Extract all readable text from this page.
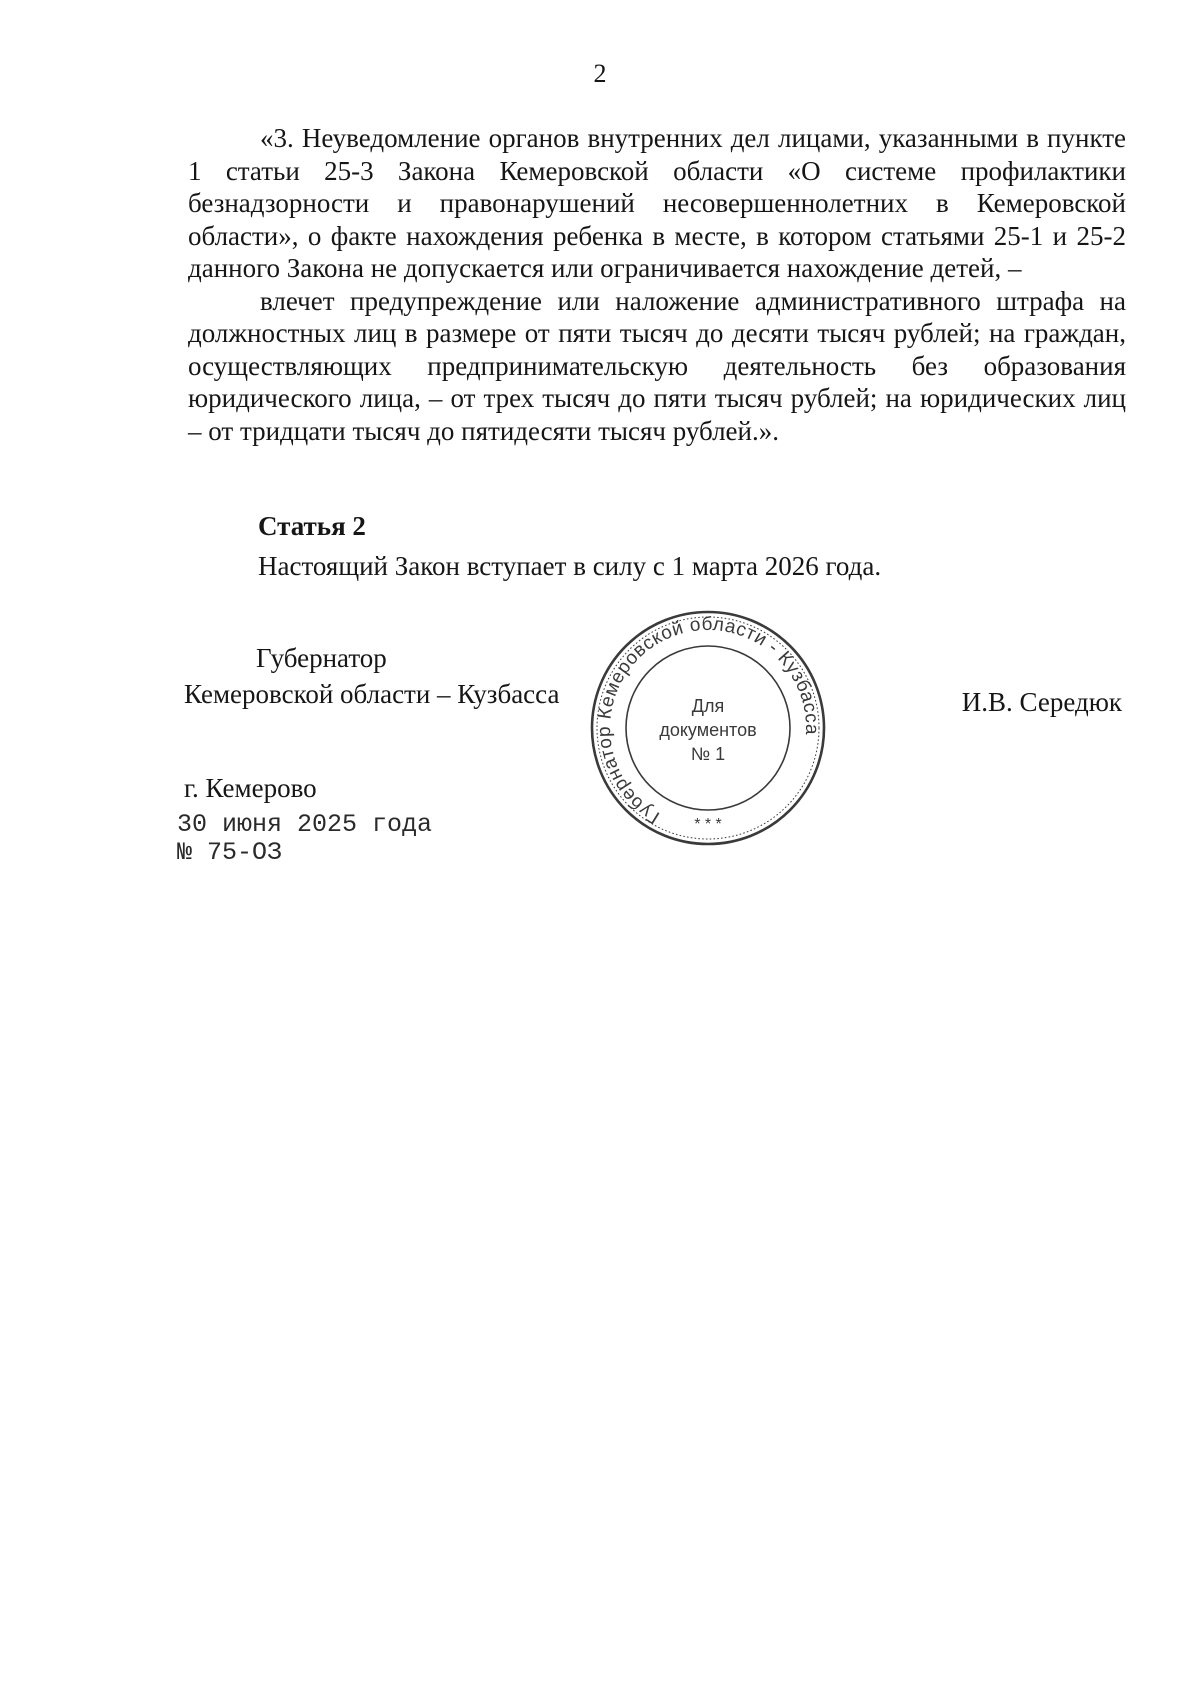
2

«3. Неуведомление органов внутренних дел лицами, указанными в пункте 1 статьи 25-3 Закона Кемеровской области «О системе профилактики безнадзорности и правонарушений несовершеннолетних в Кемеровской области», о факте нахождения ребенка в месте, в котором статьями 25-1 и 25-2 данного Закона не допускается или ограничивается нахождение детей, –

влечет предупреждение или наложение административного штрафа на должностных лиц в размере от пяти тысяч до десяти тысяч рублей; на граждан, осуществляющих предпринимательскую деятельность без образования юридического лица, – от трех тысяч до пяти тысяч рублей; на юридических лиц – от тридцати тысяч до пятидесяти тысяч рублей.».

Статья 2
Настоящий Закон вступает в силу с 1 марта 2026 года.
Губернатор
Кемеровской области – Кузбасса	И.В. Середюк
Губернатор Кемеровской области - Кузбасса
Для
документов
№ 1
* * *
г. Кемерово
30 июня 2025 года
№ 75-ОЗ
